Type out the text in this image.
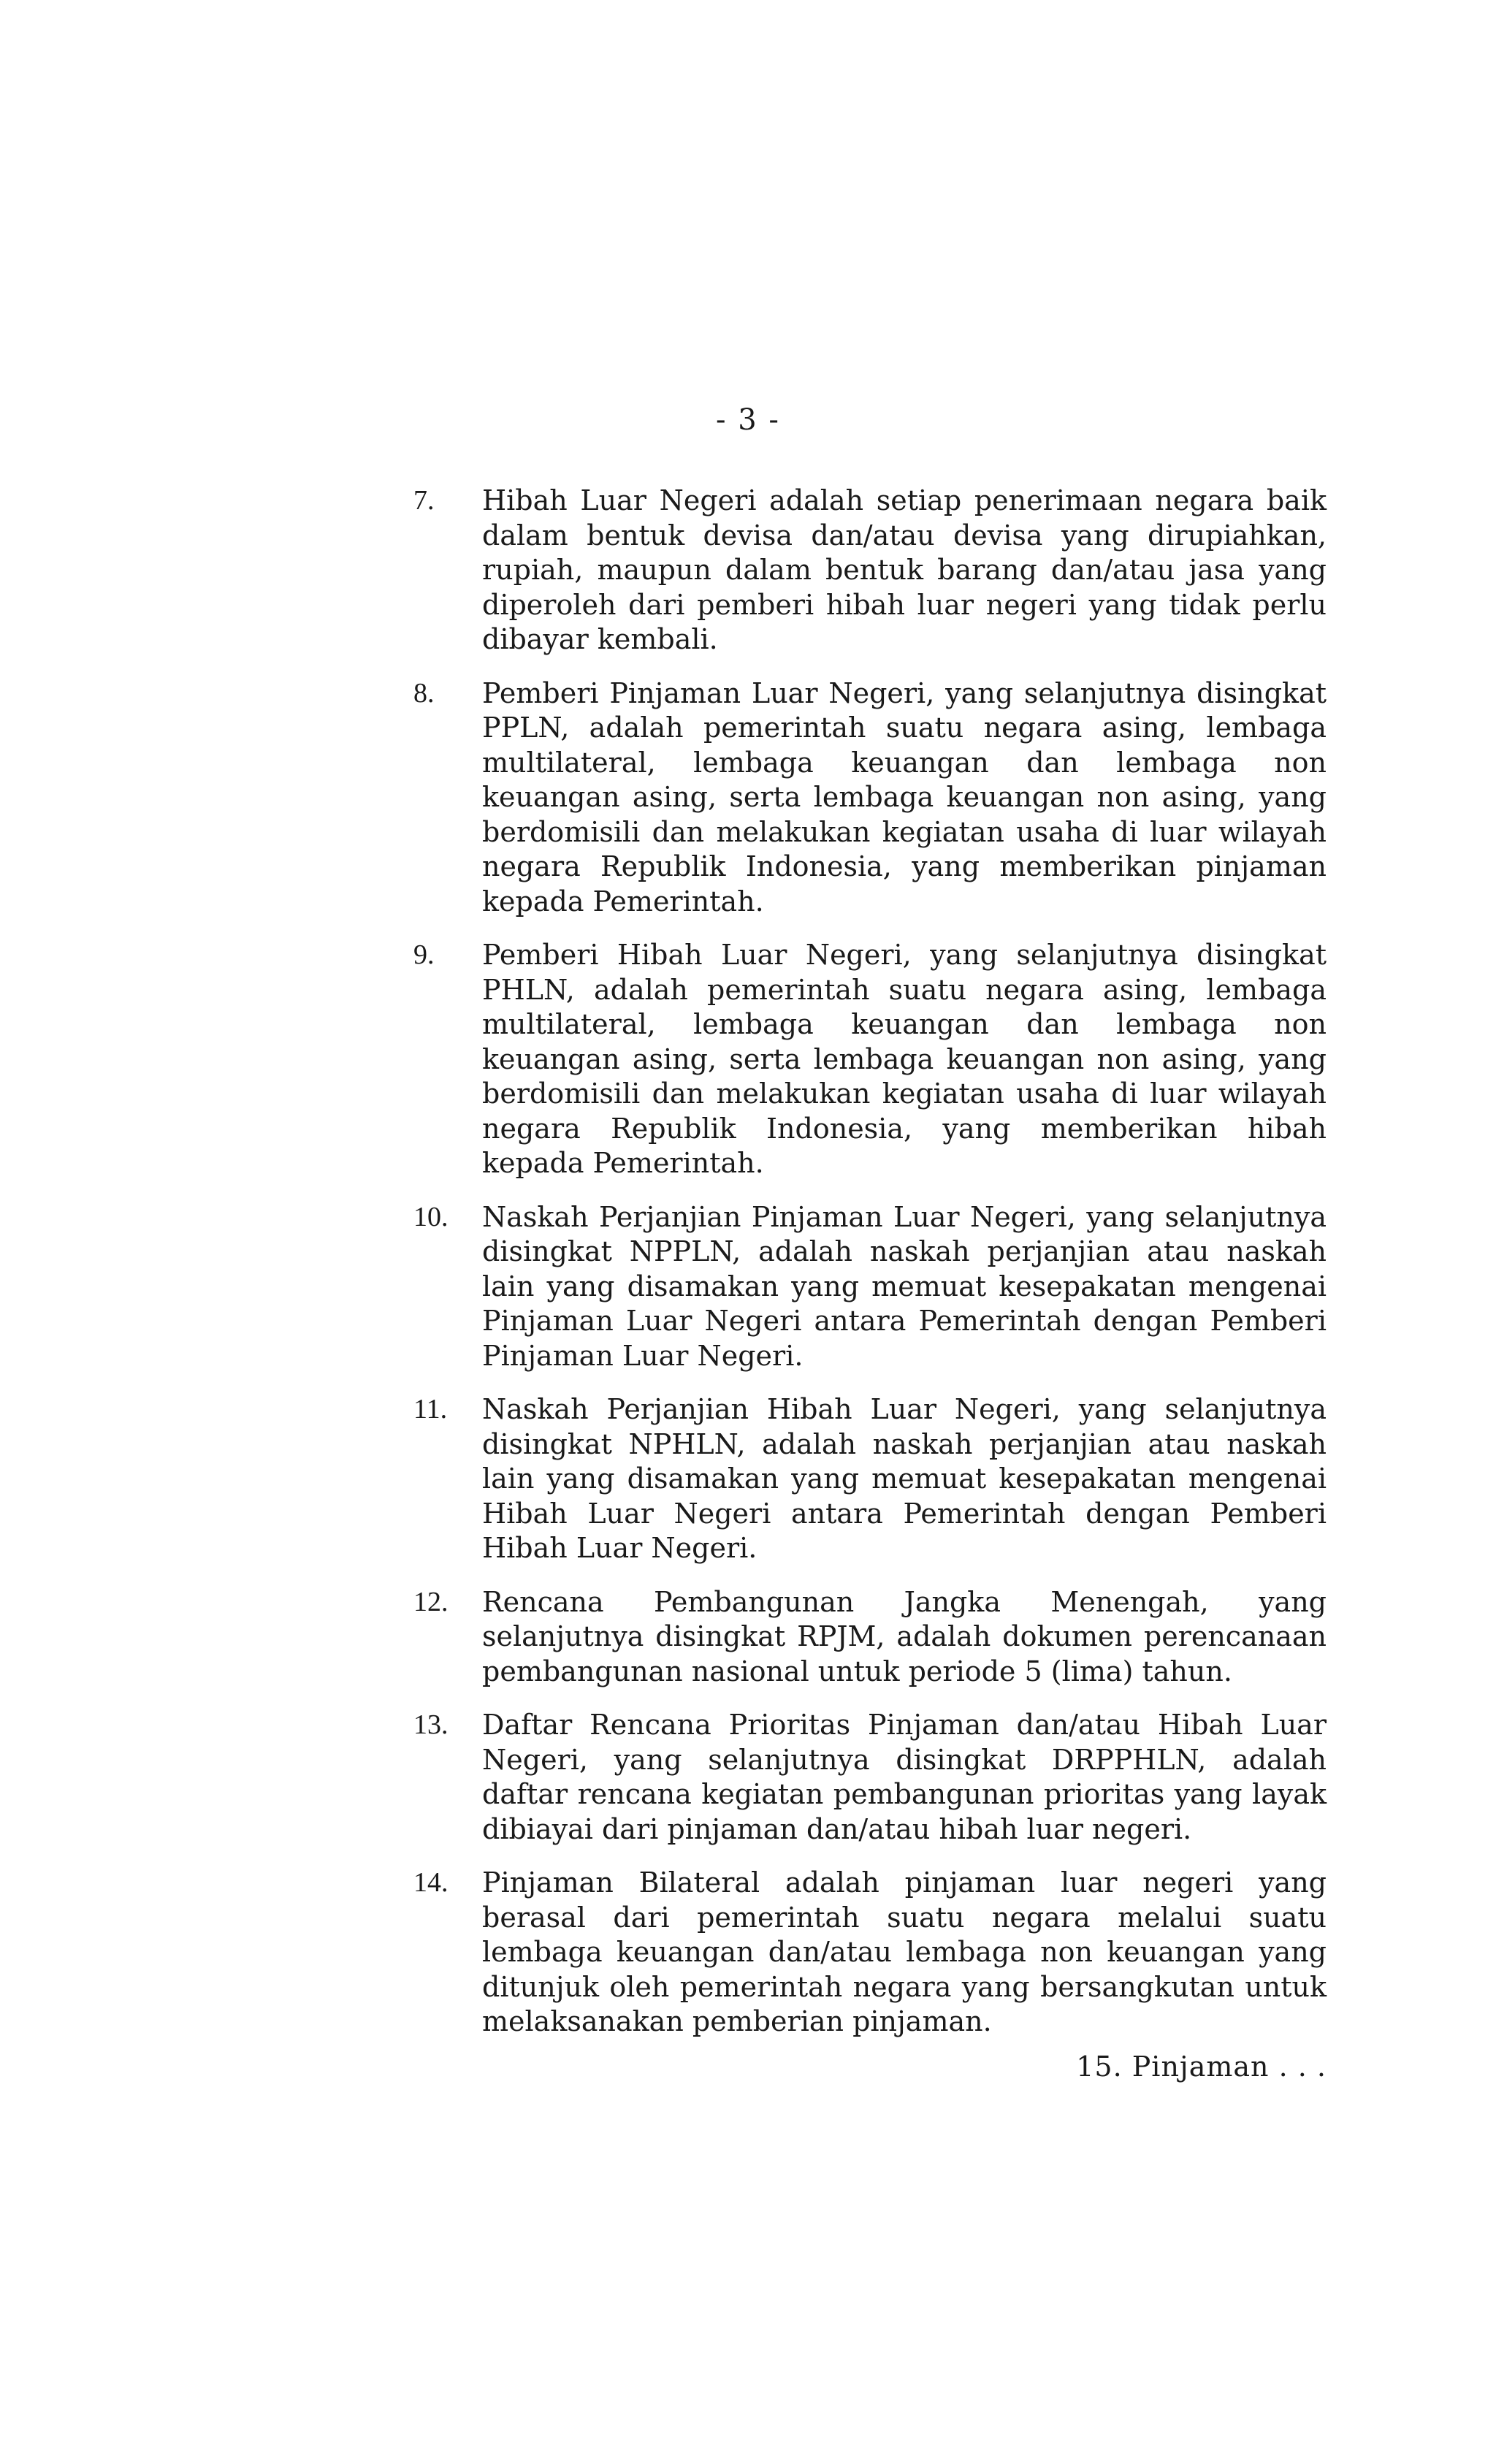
- 3 -
7.	Hibah Luar Negeri adalah setiap penerimaan negara baik dalam bentuk devisa dan/atau devisa yang dirupiahkan, rupiah, maupun dalam bentuk barang dan/atau jasa yang diperoleh dari pemberi hibah luar negeri yang tidak perlu dibayar kembali.
8.	Pemberi Pinjaman Luar Negeri, yang selanjutnya disingkat PPLN, adalah pemerintah suatu negara asing, lembaga multilateral, lembaga keuangan dan lembaga non keuangan asing, serta lembaga keuangan non asing, yang berdomisili dan melakukan kegiatan usaha di luar wilayah negara Republik Indonesia, yang memberikan pinjaman kepada Pemerintah.
9.	Pemberi Hibah Luar Negeri, yang selanjutnya disingkat PHLN, adalah pemerintah suatu negara asing, lembaga multilateral, lembaga keuangan dan lembaga non keuangan asing, serta lembaga keuangan non asing, yang berdomisili dan melakukan kegiatan usaha di luar wilayah negara Republik Indonesia, yang memberikan hibah kepada Pemerintah.
10.	Naskah Perjanjian Pinjaman Luar Negeri, yang selanjutnya disingkat NPPLN, adalah naskah perjanjian atau naskah lain yang disamakan yang memuat kesepakatan mengenai Pinjaman Luar Negeri antara Pemerintah dengan Pemberi Pinjaman Luar Negeri.
11.	Naskah Perjanjian Hibah Luar Negeri, yang selanjutnya disingkat NPHLN, adalah naskah perjanjian atau naskah lain yang disamakan yang memuat kesepakatan mengenai Hibah Luar Negeri antara Pemerintah dengan Pemberi Hibah Luar Negeri.
12.	Rencana Pembangunan Jangka Menengah, yang selanjutnya disingkat RPJM, adalah dokumen perencanaan pembangunan nasional untuk periode 5 (lima) tahun.
13.	Daftar Rencana Prioritas Pinjaman dan/atau Hibah Luar Negeri, yang selanjutnya disingkat DRPPHLN, adalah daftar rencana kegiatan pembangunan prioritas yang layak dibiayai dari pinjaman dan/atau hibah luar negeri.
14.	Pinjaman Bilateral adalah pinjaman luar negeri yang berasal dari pemerintah suatu negara melalui suatu lembaga keuangan dan/atau lembaga non keuangan yang ditunjuk oleh pemerintah negara yang bersangkutan untuk melaksanakan pemberian pinjaman.
15. Pinjaman . . .
